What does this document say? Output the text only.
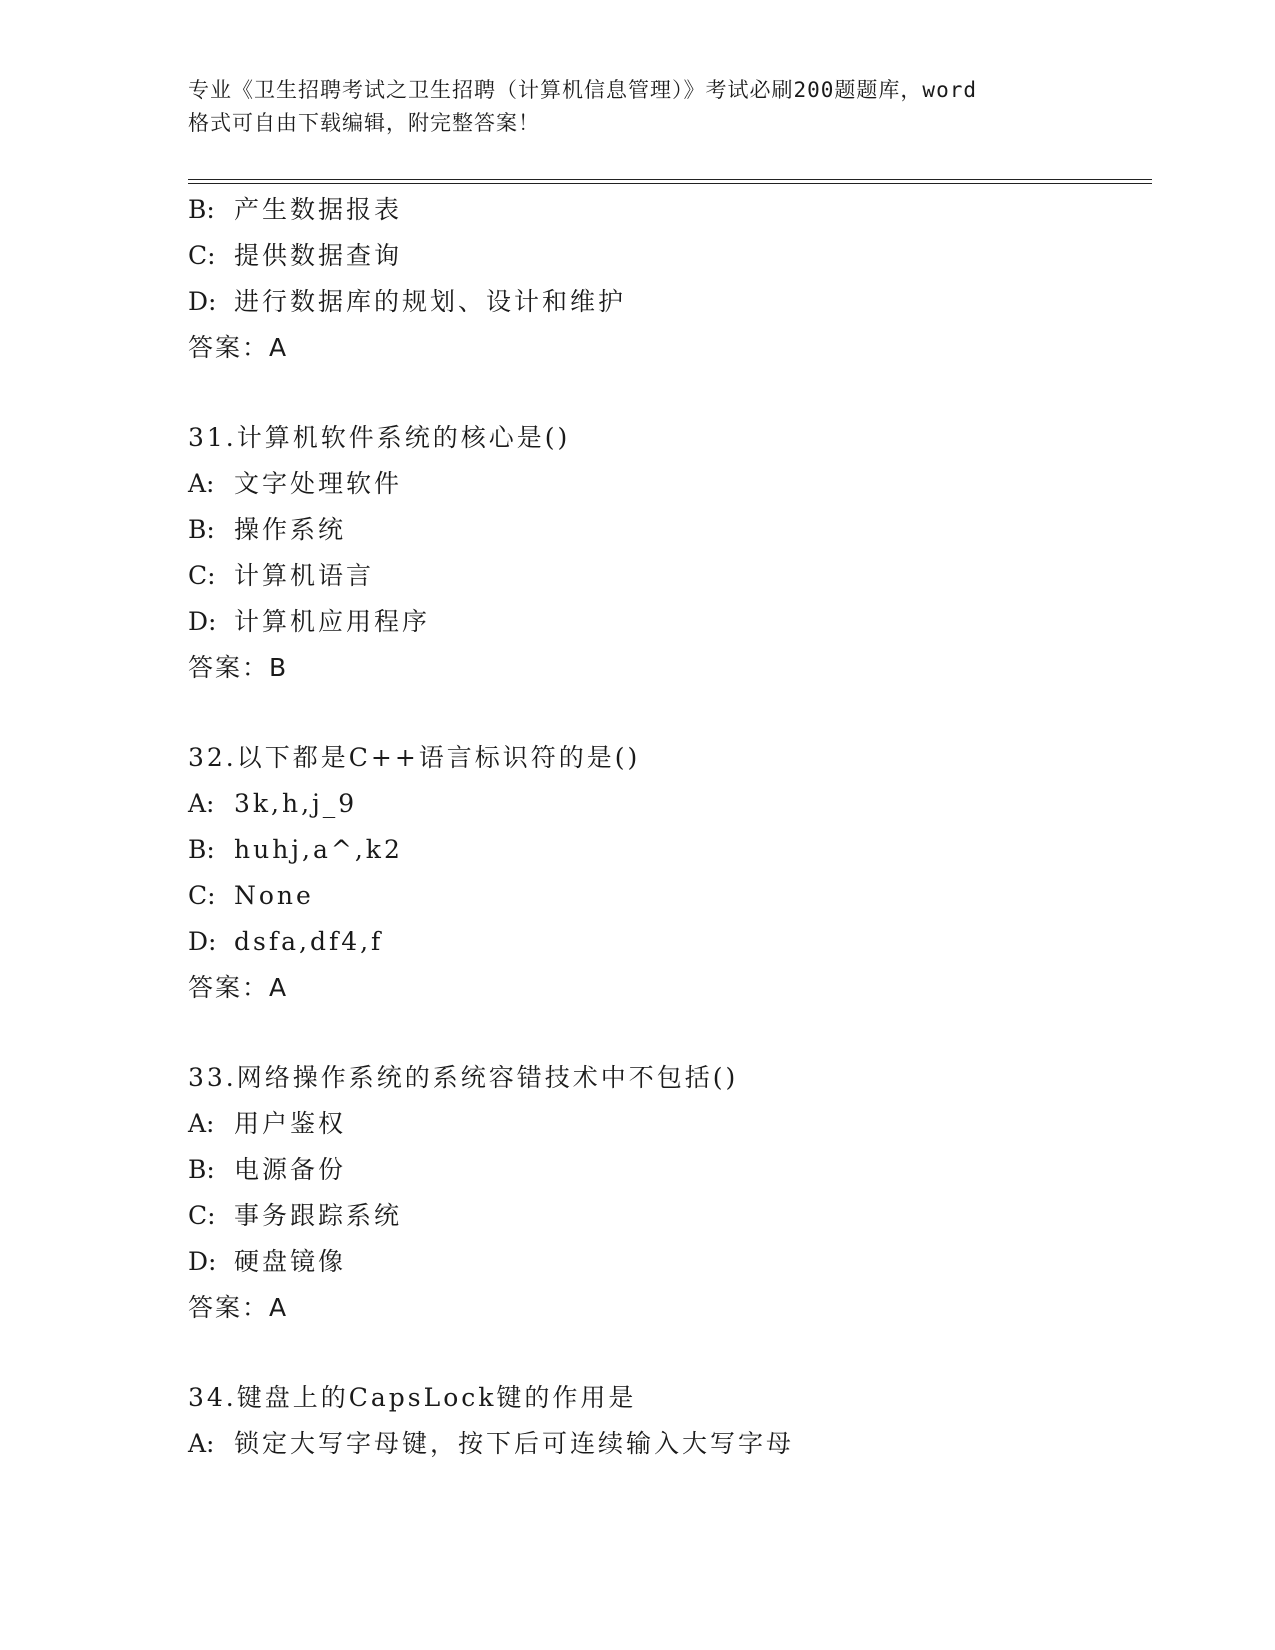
专业《卫生招聘考试之卫生招聘（计算机信息管理）》考试必刷200题题库，word
格式可自由下载编辑，附完整答案！
B: 产生数据报表
C: 提供数据查询
D: 进行数据库的规划、设计和维护
答案：A
31.计算机软件系统的核心是()
A: 文字处理软件
B: 操作系统
C: 计算机语言
D: 计算机应用程序
答案：B
32.以下都是C++语言标识符的是()
A: 3k,h,j_9
B: huhj,a^,k2
C: None
D: dsfa,df4,f
答案：A
33.网络操作系统的系统容错技术中不包括()
A: 用户鉴权
B: 电源备份
C: 事务跟踪系统
D: 硬盘镜像
答案：A
34.键盘上的CapsLock键的作用是
A: 锁定大写字母键，按下后可连续输入大写字母
